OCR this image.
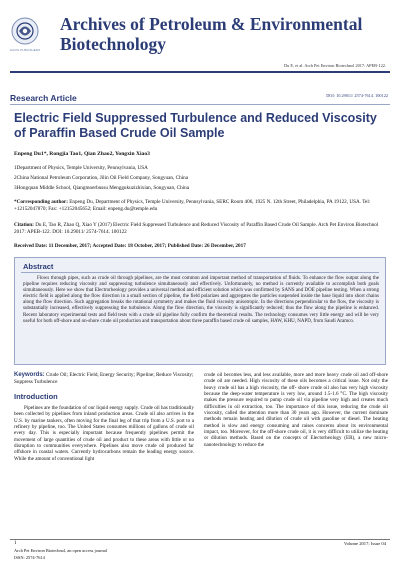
GAVIN PUBLISHERS
Archives of Petroleum & Environmental Biotechnology
Du E, et al. Arch Pet Environ Biotechnol 2017: APEB-122.
Research Article	DOI: 10.29011/ 2574-7614. 100122
Electric Field Suppressed Turbulence and Reduced Viscosity of Paraffin Based Crude Oil Sample
Enpeng Du1*, Rongjia Tao1, Qian Zhao2, Yongxin Xiao3
1Department of Physics, Temple University, Pennsylvania, USA
2China National Petroleum Corporation, Jilin Oil Field Company, Songyuan, China
3Hongquan Middle School, Qiangmoerbussu Menggukuzizhixian, Songyuan, China
*Corresponding author: Enpeng Du, Department of Physics, Temple University, Pennsylvania, SERC Room 406, 1925 N. 12th Street, Philadelphia, PA 19122, USA. Tel: +12152047870; Fax: +12152045652; Email: enpeng.du@temple.edu
Citation: Du E, Tao R, Zhao Q, Xiao Y (2017) Electric Field Suppressed Turbulence and Reduced Viscosity of Paraffin Based Crude Oil Sample. Arch Pet Environ Biotechnol 2017: APEB-122. DOI: 10.29011/ 2574-7614. 100122
Received Date: 11 December, 2017; Accepted Date: 18 October, 2017; Published Date: 26 December, 2017
Abstract
Flows through pipes, such as crude oil through pipelines, are the most common and important method of transportation of fluids. To enhance the flow output along the pipeline requires reducing viscosity and suppressing turbulence simultaneously and effectively. Unfortunately, no method is currently available to accomplish both goals simultaneously. Here we show that Electrorheology provides a universal method and efficient solution which was confirmed by SANS and DOE pipeline testing. When a strong electric field is applied along the flow direction in a small section of pipeline, the field polarizes and aggregates the particles suspended inside the base liquid into short chains along the flow direction. Such aggregation breaks the rotational symmetry and makes the fluid viscosity anisotropic. In the directions perpendicular to the flow, the viscosity is substantially increased, effectively suppressing the turbulence. Along the flow direction, the viscosity is significantly reduced; thus the flow along the pipeline is enhanced. Recent laboratory experimental tests and field tests with a crude oil pipeline fully confirm the theoretical results. The technology consumes very little energy and will be very useful for both off-shore and on-shore crude oil production and transportation about three paraffin based crude oil samples, HAW, KHU, NAPD, from Saudi Aramco.
Keywords: Crude Oil; Electric Field, Energy Security; Pipeline; Reduce Viscosity; Suppress Turbulence
Introduction
Pipelines are the foundation of our liquid energy supply. Crude oil has traditionally been collected by pipelines from inland production areas. Crude oil also arrives in the U.S. by marine tankers, often moving for the final leg of that trip from a U.S. port to a refinery by pipeline, too. The United States consumes millions of gallons of crude oil every day. This is especially important because frequently pipelines permit the movement of large quantities of crude oil and product to these areas with little or no disruption to communities everywhere. Pipelines also move crude oil produced far offshore in coastal waters. Currently hydrocarbons remain the leading energy source. While the amount of conventional light
crude oil becomes less, and less available, more and more heavy crude oil and off-shore crude oil are needed. High viscosity of these oils becomes a critical issue. Not only the heavy crude oil has a high viscosity, the off- shore crude oil also has very high viscosity because the deep-water temperature is very low, around 1.5-1.6 °C. The high viscosity makes the pressure required to pump crude oil via pipeline very high and creates much difficulties in oil extraction, too. The importance of this issue, reducing the crude oil viscosity, called the attention more than 30 years ago. However, the current dominate methods remain heating and dilution of crude oil with gasoline or diesel. The heating method is slow and energy consuming and raises concerns about its environmental impact, too. Moreover, for the off-shore crude oil, it is very difficult to utilize the heating or dilution methods. Based on the concepts of Electorheology (ER), a new micro-nanotechnology to reduce the
1
Arch Pet Environ Biotechnol, an open access journal
ISSN: 2574-7614
Volume 2017; Issue 04
